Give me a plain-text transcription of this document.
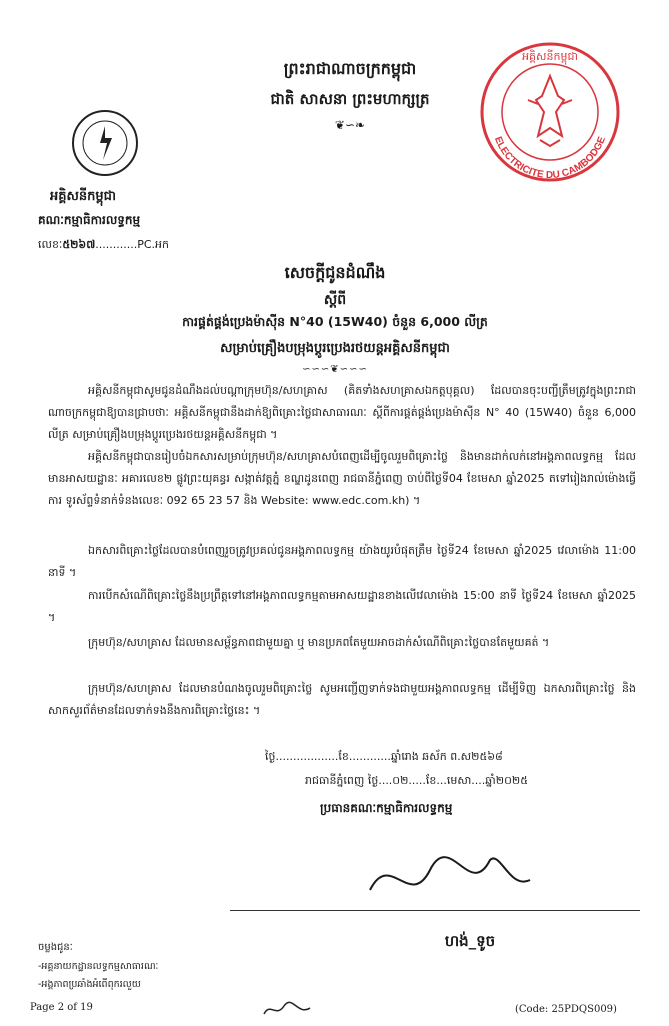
ព្រះរាជាណាចក្រកម្ពុជា
ជាតិ សាសនា ព្រះមហាក្សត្រ
❦∽❧
អគ្គិសនីកម្ពុជា
គណៈកម្មាធិការលទ្ធកម្ម
លេខៈ៥២៦៧............PC.អក
អគ្គិសនីកម្ពុជា
ELECTRICITE DU CAMBODGE
សេចក្តីជូនដំណឹង
ស្តីពី
ការផ្គត់ផ្គង់ប្រេងម៉ាស៊ីន N°40 (15W40) ចំនួន 6,000 លីត្រ
សម្រាប់គ្រឿងបម្រុងប្តូរប្រេងរថយន្តអគ្គិសនីកម្ពុជា
∽∽∽❦∽∽∽
អគ្គិសនីកម្ពុជាសូមជូនដំណឹងដល់បណ្តាក្រុមហ៊ុន/សហគ្រាស (គិតទាំងសហគ្រាសឯកត្តបុគ្គល) ដែលបានចុះបញ្ជីត្រឹមត្រូវក្នុងព្រះរាជាណាចក្រកម្ពុជាឱ្យបានជ្រាបថាៈ អគ្គិសនីកម្ពុជានឹងដាក់ឱ្យពិគ្រោះថ្លៃជាសាធារណៈ ស្តីពីការផ្គត់ផ្គង់ប្រេងម៉ាស៊ីន N° 40 (15W40) ចំនួន 6,000 លីត្រ សម្រាប់គ្រឿងបម្រុងប្តូរប្រេងរថយន្តអគ្គិសនីកម្ពុជា ។
អគ្គិសនីកម្ពុជាបានរៀបចំឯកសារសម្រាប់ក្រុមហ៊ុន/សហគ្រាសបំពេញដើម្បីចូលរួមពិគ្រោះថ្លៃ និងមានដាក់លក់នៅអង្គភាពលទ្ធកម្ម ដែលមានអាសយដ្ឋានៈ អគារលេខ២ ផ្លូវព្រះយុគន្ធរ សង្កាត់វត្តភ្នំ ខណ្ឌដូនពេញ រាជធានីភ្នំពេញ ចាប់ពីថ្ងៃទី04 ខែមេសា ឆ្នាំ2025 តទៅរៀងរាល់ម៉ោងធ្វើការ ទូរស័ព្ទទំនាក់ទំនងលេខៈ 092 65 23 57 និង Website: www.edc.com.kh) ។
ឯកសារពិគ្រោះថ្លៃដែលបានបំពេញរួចត្រូវប្រគល់ជូនអង្គភាពលទ្ធកម្ម យ៉ាងយូរបំផុតត្រឹម ថ្ងៃទី24 ខែមេសា ឆ្នាំ2025 វេលាម៉ោង 11:00 នាទី ។
ការបើកសំណើពិគ្រោះថ្លៃនឹងប្រព្រឹត្តទៅនៅអង្គភាពលទ្ធកម្មតាមអាសយដ្ឋានខាងលើវេលាម៉ោង 15:00 នាទី ថ្ងៃទី24 ខែមេសា ឆ្នាំ2025 ។
ក្រុមហ៊ុន/សហគ្រាស ដែលមានសម្ព័ន្ធភាពជាមួយគ្នា ឬ មានប្រភពតែមួយអាចដាក់សំណើពិគ្រោះថ្លៃបានតែមួយគត់ ។
ក្រុមហ៊ុន/សហគ្រាស ដែលមានបំណងចូលរួមពិគ្រោះថ្លៃ សូមអញ្ជើញទាក់ទងជាមួយអង្គភាពលទ្ធកម្ម ដើម្បីទិញ ឯកសារពិគ្រោះថ្លៃ និងសាកសួរព័ត៌មានដែលទាក់ទងនឹងការពិគ្រោះថ្លៃនេះ ។
ថ្ងៃ..................ខែ............ឆ្នាំរោង ឆស័ក ព.ស២៥៦៨
រាជធានីភ្នំពេញ ថ្ងៃ....០២.....ខែ...មេសា....ឆ្នាំ២០២៥
ប្រធានគណៈកម្មាធិការលទ្ធកម្ម
ហង់_ទូច
ចម្លងជូនៈ
-អគ្គនាយកដ្ឋានលទ្ធកម្មសាធារណៈ
-អង្គភាពប្រឆាំងអំពើពុករលួយ
Page 2 of 19	(Code: 25PDQS009)
